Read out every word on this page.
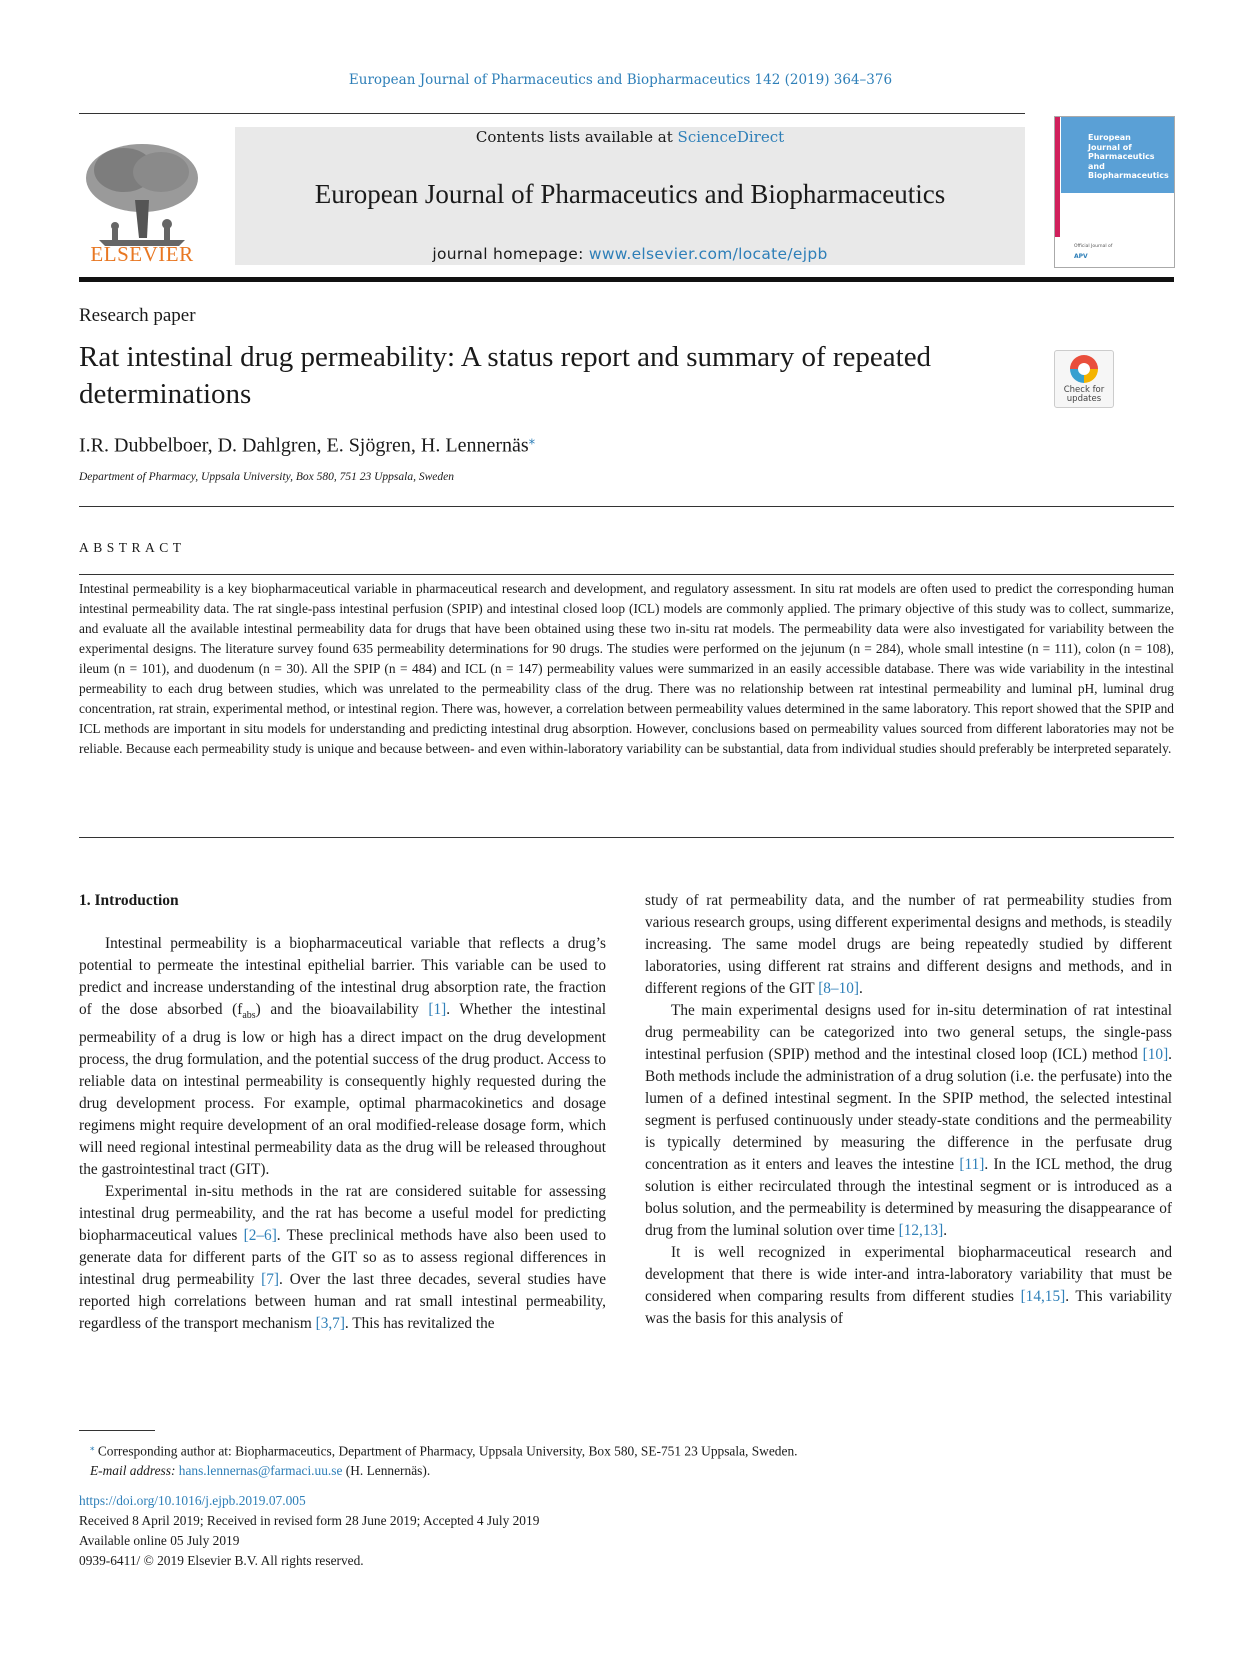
European Journal of Pharmaceutics and Biopharmaceutics 142 (2019) 364–376
ELSEVIER
Contents lists available at ScienceDirect
European Journal of Pharmaceutics and Biopharmaceutics
journal homepage: www.elsevier.com/locate/ejpb
European
Journal of
Pharmaceutics and
Biopharmaceutics
Official Journal of
APV
Research paper
Rat intestinal drug permeability: A status report and summary of repeated determinations	Check for
updates
I.R. Dubbelboer, D. Dahlgren, E. Sjögren, H. Lennernäs⁎
Department of Pharmacy, Uppsala University, Box 580, 751 23 Uppsala, Sweden
ABSTRACT
Intestinal permeability is a key biopharmaceutical variable in pharmaceutical research and development, and regulatory assessment. In situ rat models are often used to predict the corresponding human intestinal permeability data. The rat single-pass intestinal perfusion (SPIP) and intestinal closed loop (ICL) models are commonly applied. The primary objective of this study was to collect, summarize, and evaluate all the available intestinal permeability data for drugs that have been obtained using these two in-situ rat models. The permeability data were also investigated for variability between the experimental designs. The literature survey found 635 permeability determinations for 90 drugs. The studies were performed on the jejunum (n = 284), whole small intestine (n = 111), colon (n = 108), ileum (n = 101), and duodenum (n = 30). All the SPIP (n = 484) and ICL (n = 147) permeability values were summarized in an easily accessible database. There was wide variability in the intestinal permeability to each drug between studies, which was unrelated to the permeability class of the drug. There was no relationship between rat intestinal permeability and luminal pH, luminal drug concentration, rat strain, experimental method, or intestinal region. There was, however, a correlation between permeability values determined in the same laboratory. This report showed that the SPIP and ICL methods are important in situ models for understanding and predicting intestinal drug absorption. However, conclusions based on permeability values sourced from different laboratories may not be reliable. Because each permeability study is unique and because between- and even within-laboratory variability can be substantial, data from individual studies should preferably be interpreted separately.

1. Introduction

Intestinal permeability is a biopharmaceutical variable that reflects a drug’s potential to permeate the intestinal epithelial barrier. This variable can be used to predict and increase understanding of the intestinal drug absorption rate, the fraction of the dose absorbed $(f_{abs})$ and the bioavailability [1]. Whether the intestinal permeability of a drug is low or high has a direct impact on the drug development process, the drug formulation, and the potential success of the drug product. Access to reliable data on intestinal permeability is consequently highly requested during the drug development process. For example, optimal pharmacokinetics and dosage regimens might require development of an oral modified-release dosage form, which will need regional intestinal permeability data as the drug will be released throughout the gastrointestinal tract (GIT).

Experimental in-situ methods in the rat are considered suitable for assessing intestinal drug permeability, and the rat has become a useful model for predicting biopharmaceutical values [2–6]. These preclinical methods have also been used to generate data for different parts of the GIT so as to assess regional differences in intestinal drug permeability [7]. Over the last three decades, several studies have reported high correlations between human and rat small intestinal permeability, regardless of the transport mechanism [3,7]. This has revitalized the

study of rat permeability data, and the number of rat permeability studies from various research groups, using different experimental designs and methods, is steadily increasing. The same model drugs are being repeatedly studied by different laboratories, using different rat strains and different designs and methods, and in different regions of the GIT [8–10].

The main experimental designs used for in-situ determination of rat intestinal drug permeability can be categorized into two general setups, the single-pass intestinal perfusion (SPIP) method and the intestinal closed loop (ICL) method [10]. Both methods include the administration of a drug solution (i.e. the perfusate) into the lumen of a defined intestinal segment. In the SPIP method, the selected intestinal segment is perfused continuously under steady-state conditions and the permeability is typically determined by measuring the difference in the perfusate drug concentration as it enters and leaves the intestine [11]. In the ICL method, the drug solution is either recirculated through the intestinal segment or is introduced as a bolus solution, and the permeability is determined by measuring the disappearance of drug from the luminal solution over time [12,13].

It is well recognized in experimental biopharmaceutical research and development that there is wide inter-and intra-laboratory variability that must be considered when comparing results from different studies [14,15]. This variability was the basis for this analysis of

⁎ Corresponding author at: Biopharmaceutics, Department of Pharmacy, Uppsala University, Box 580, SE-751 23 Uppsala, Sweden.
E-mail address: hans.lennernas@farmaci.uu.se (H. Lennernäs).
https://doi.org/10.1016/j.ejpb.2019.07.005
Received 8 April 2019; Received in revised form 28 June 2019; Accepted 4 July 2019
Available online 05 July 2019
0939-6411/ © 2019 Elsevier B.V. All rights reserved.
